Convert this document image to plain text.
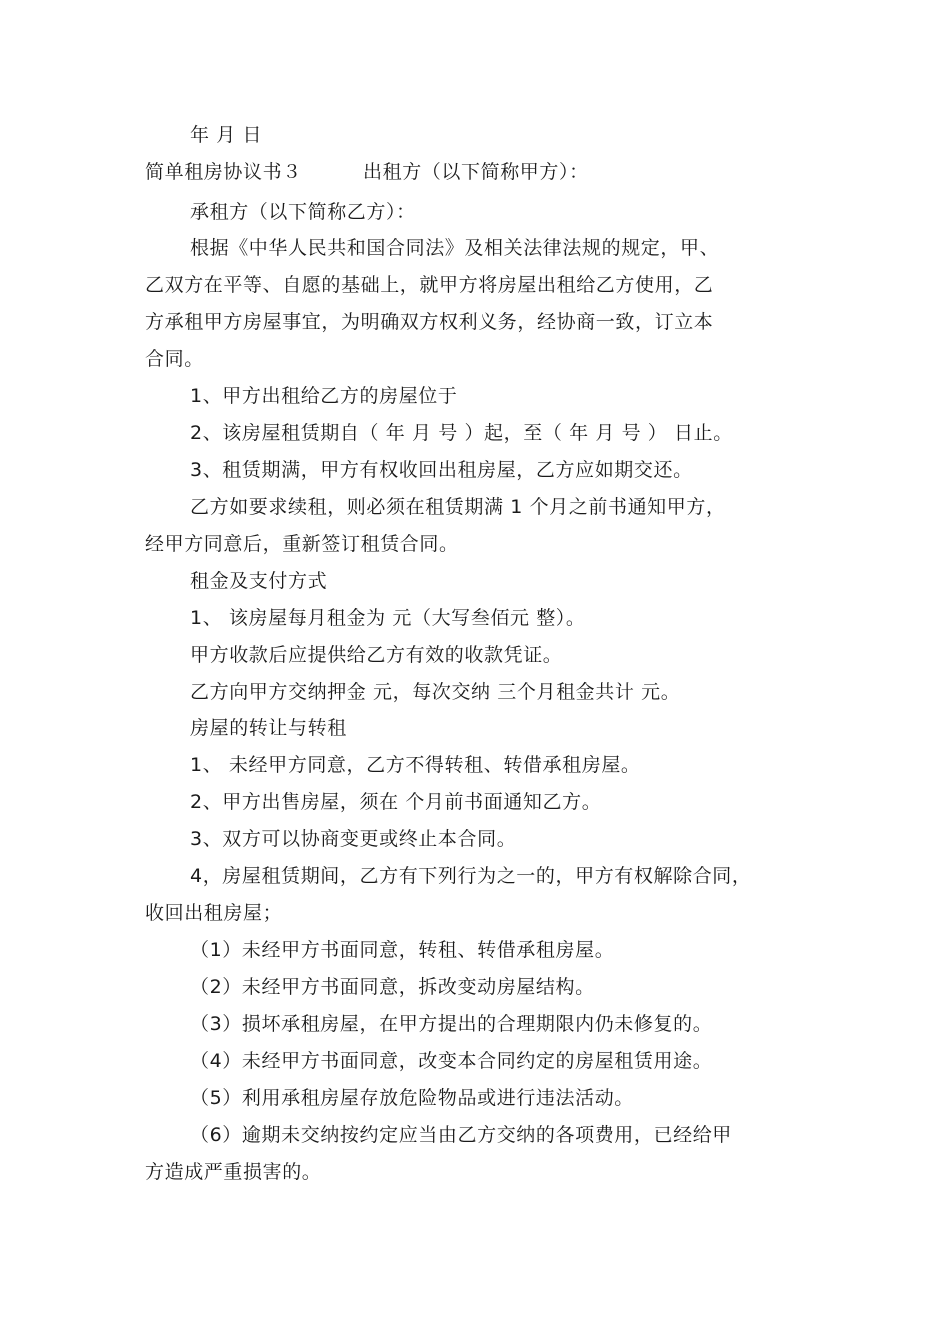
年 月 日
简单租房协议书３	出租方（以下简称甲方）：
承租方（以下简称乙方）：
根据《中华人民共和国合同法》及相关法律法规的规定，甲、
乙双方在平等、自愿的基础上，就甲方将房屋出租给乙方使用，乙
方承租甲方房屋事宜，为明确双方权利义务，经协商一致，订立本
合同。
1、甲方出租给乙方的房屋位于
2、该房屋租赁期自（ 年 月 号 ）起，至（ 年 月 号 ） 日止。
3、租赁期满，甲方有权收回出租房屋，乙方应如期交还。
乙方如要求续租，则必须在租赁期满 1 个月之前书通知甲方，
经甲方同意后，重新签订租赁合同。
租金及支付方式
1、 该房屋每月租金为 元（大写叁佰元 整）。
甲方收款后应提供给乙方有效的收款凭证。
乙方向甲方交纳押金 元，每次交纳 三个月租金共计 元。
房屋的转让与转租
1、 未经甲方同意，乙方不得转租、转借承租房屋。
2、甲方出售房屋，须在 个月前书面通知乙方。
3、双方可以协商变更或终止本合同。
4，房屋租赁期间，乙方有下列行为之一的，甲方有权解除合同，
收回出租房屋；
（1）未经甲方书面同意，转租、转借承租房屋。
（2）未经甲方书面同意，拆改变动房屋结构。
（3）损坏承租房屋，在甲方提出的合理期限内仍未修复的。
（4）未经甲方书面同意，改变本合同约定的房屋租赁用途。
（5）利用承租房屋存放危险物品或进行违法活动。
（6）逾期未交纳按约定应当由乙方交纳的各项费用，已经给甲
方造成严重损害的。
